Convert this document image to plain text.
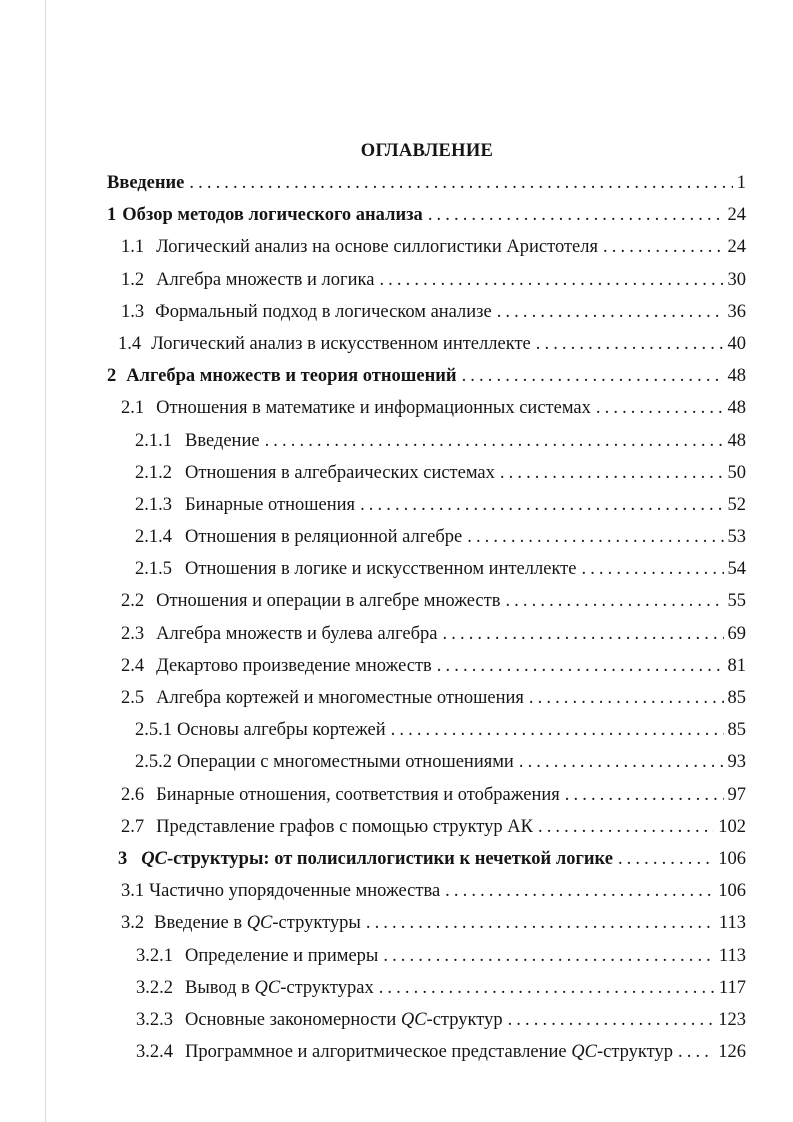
ОГЛАВЛЕНИЕ
Введение .....	1
1 Обзор методов логического анализа .....	24
1.1 Логический анализ на основе силлогистики Аристотеля .....	24
1.2 Алгебра множеств и логика .....	30
1.3 Формальный подход в логическом анализе .....	36
1.4 Логический анализ в искусственном интеллекте .....	40
2 Алгебра множеств и теория отношений .....	48
2.1 Отношения в математике и информационных системах .....	48
2.1.1 Введение .....	48
2.1.2 Отношения в алгебраических системах .....	50
2.1.3 Бинарные отношения .....	52
2.1.4 Отношения в реляционной алгебре .....	53
2.1.5 Отношения в логике и искусственном интеллекте .....	54
2.2 Отношения и операции в алгебре множеств .....	55
2.3 Алгебра множеств и булева алгебра .....	69
2.4 Декартово произведение множеств .....	81
2.5 Алгебра кортежей и многоместные отношения .....	85
2.5.1 Основы алгебры кортежей .....	85
2.5.2 Операции с многоместными отношениями .....	93
2.6 Бинарные отношения, соответствия и отображения .....	97
2.7 Представление графов с помощью структур АК .....	102
3 QC-структуры: от полисиллогистики к нечеткой логике .....	106
3.1 Частично упорядоченные множества .....	106
3.2 Введение в QC-структуры .....	113
3.2.1 Определение и примеры .....	113
3.2.2 Вывод в QC-структурах .....	117
3.2.3 Основные закономерности QC-структур .....	123
3.2.4 Программное и алгоритмическое представление QC-структур ..... 126
